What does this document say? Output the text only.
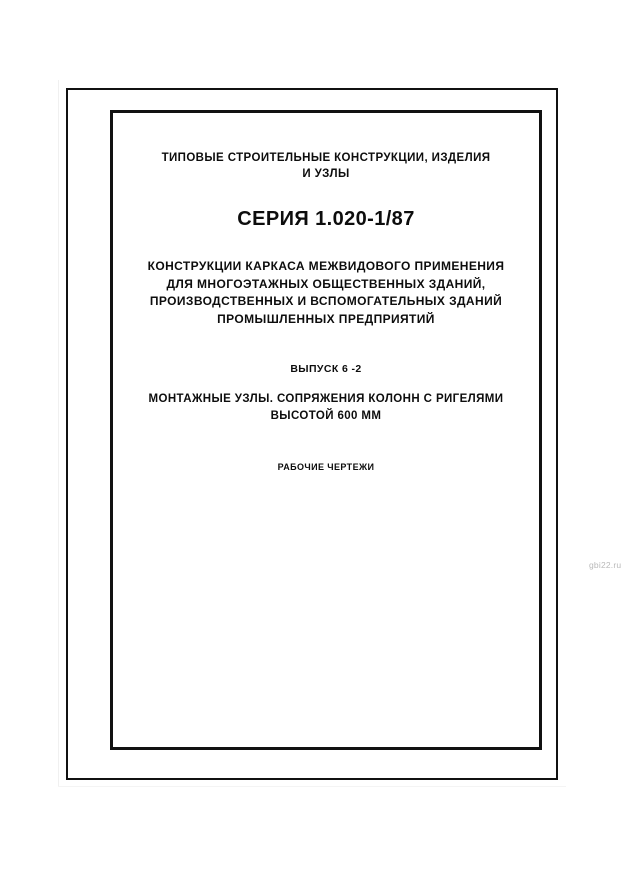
ТИПОВЫЕ СТРОИТЕЛЬНЫЕ КОНСТРУКЦИИ, ИЗДЕЛИЯ
И УЗЛЫ
СЕРИЯ 1.020-1/87
КОНСТРУКЦИИ КАРКАСА МЕЖВИДОВОГО ПРИМЕНЕНИЯ
ДЛЯ МНОГОЭТАЖНЫХ ОБЩЕСТВЕННЫХ ЗДАНИЙ,
ПРОИЗВОДСТВЕННЫХ И ВСПОМОГАТЕЛЬНЫХ ЗДАНИЙ
ПРОМЫШЛЕННЫХ ПРЕДПРИЯТИЙ
ВЫПУСК 6 -2
МОНТАЖНЫЕ УЗЛЫ. СОПРЯЖЕНИЯ КОЛОНН С РИГЕЛЯМИ
ВЫСОТОЙ 600 ММ
РАБОЧИЕ ЧЕРТЕЖИ
gbi22.ru
